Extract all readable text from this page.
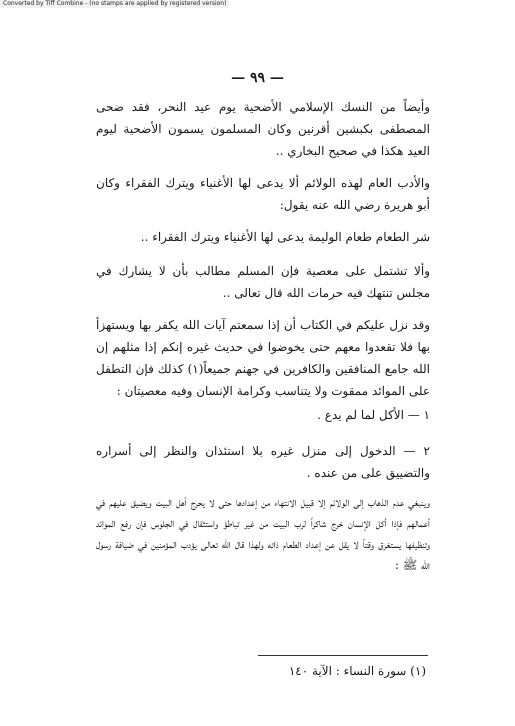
Converted by Tiff Combine - (no stamps are applied by registered version)
— ٩٩ —
وأيضاً من النسك الإسلامي الأضحية يوم عيد النحر، فقد ضحى المصطفى بكبشين أقرنين وكان المسلمون يسمون الأضحية ليوم العيد هكذا في صحيح البخاري ..
والأدب العام لهذه الولائم ألا يدعى لها الأغنياء ويترك الفقراء وكان أبو هريرة رضي الله عنه يقول:
شر الطعام طعام الوليمة يدعى لها الأغنياء ويترك الفقراء ..
وألا تشتمل على معصية فإن المسلم مطالب بأن لا يشارك في مجلس تنتهك فيه حرمات الله قال تعالى ..
وقد نزل عليكم في الكتاب أن إذا سمعتم آيات الله يكفر بها ويستهزأ بها فلا تقعدوا معهم حتى يخوضوا في حديث غيره إنكم إذا مثلهم إن الله جامع المنافقين والكافرين في جهنم جميعاً(١) كذلك فإن التطفل على الموائد ممقوت ولا يتناسب وكرامة الإنسان وفيه معصيتان :
١ — الأكل لما لم يدع .
٢ — الدخول إلى منزل غيره بلا استئذان والنظر إلى أسراره والتضييق على من عنده .
وينبغي عدم الذهاب إلى الولائم إلا قبيل الانتهاء من إعدادها حتى لا يحرج أهل البيت ويضيق عليهم في أعمالهم فإذا أكل الإنسان خرج شاكراً لرب البيت من غير تباطؤ واستثقال في الجلوس فإن رفع الموائد وتنظيفها يستغرق وقتاً لا يقل عن إعداد الطعام ذاته ولهذا قال الله تعالى يؤدب المؤمنين في ضيافة رسول الله ﷺ :
(١) سورة النساء : الآية ١٤٠
